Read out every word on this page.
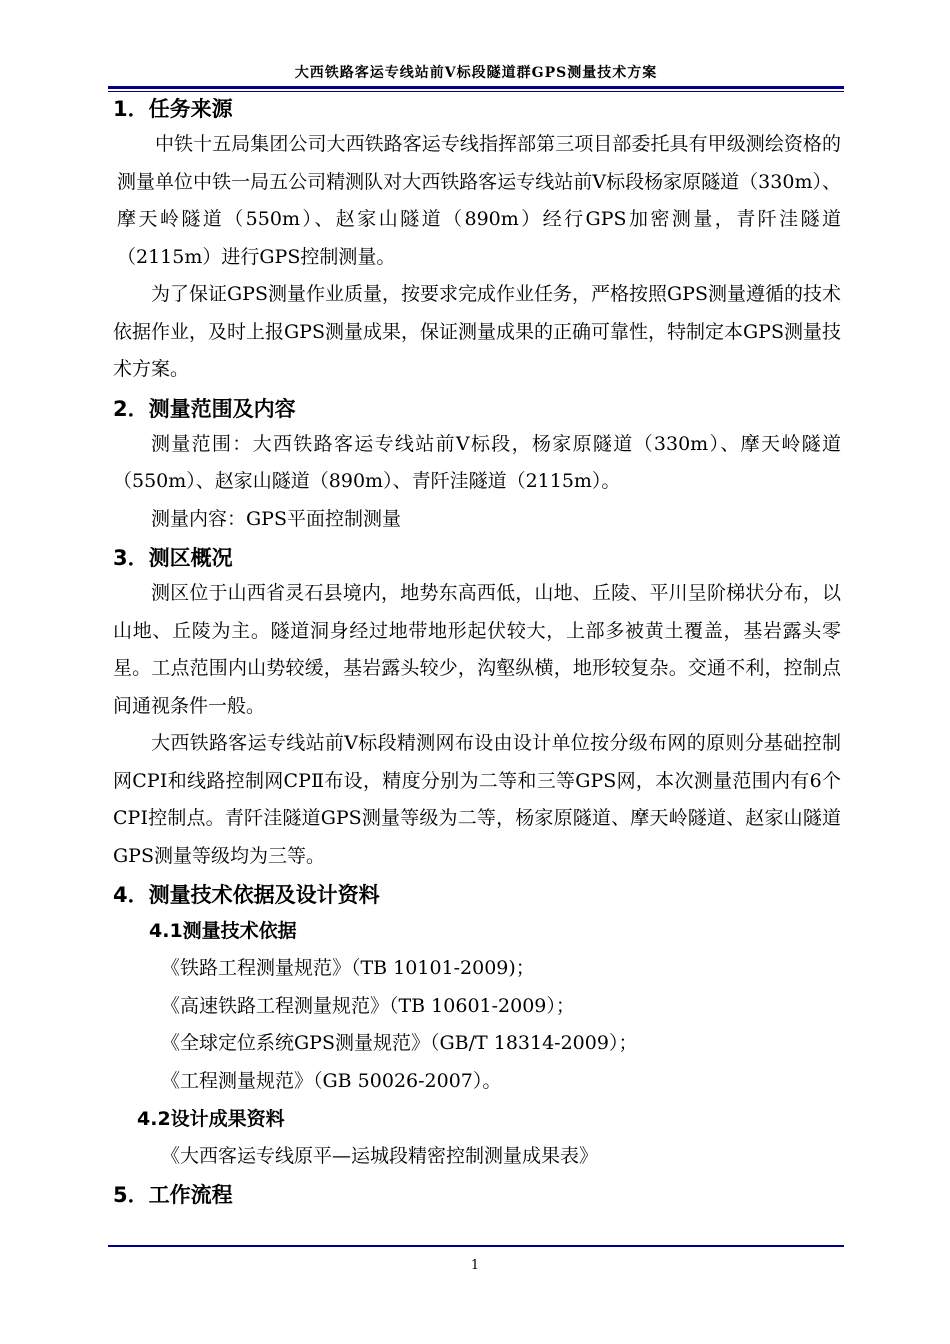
大西铁路客运专线站前Ⅴ标段隧道群GPS测量技术方案
1．任务来源

中铁十五局集团公司大西铁路客运专线指挥部第三项目部委托具有甲级测绘资格的测量单位中铁一局五公司精测队对大西铁路客运专线站前Ⅴ标段杨家原隧道（330m）、摩天岭隧道（550m）、赵家山隧道（890m）经行GPS加密测量，青阡洼隧道（2115m）进行GPS控制测量。

为了保证GPS测量作业质量，按要求完成作业任务，严格按照GPS测量遵循的技术依据作业，及时上报GPS测量成果，保证测量成果的正确可靠性，特制定本GPS测量技术方案。

2．测量范围及内容

测量范围：大西铁路客运专线站前Ⅴ标段，杨家原隧道（330m）、摩天岭隧道（550m）、赵家山隧道（890m）、青阡洼隧道（2115m）。

测量内容：GPS平面控制测量

3．测区概况

测区位于山西省灵石县境内，地势东高西低，山地、丘陵、平川呈阶梯状分布，以山地、丘陵为主。隧道洞身经过地带地形起伏较大，上部多被黄土覆盖，基岩露头零星。工点范围内山势较缓，基岩露头较少，沟壑纵横，地形较复杂。交通不利，控制点间通视条件一般。

大西铁路客运专线站前Ⅴ标段精测网布设由设计单位按分级布网的原则分基础控制网CPⅠ和线路控制网CPⅡ布设，精度分别为二等和三等GPS网，本次测量范围内有6个 CPⅠ控制点。青阡洼隧道GPS测量等级为二等，杨家原隧道、摩天岭隧道、赵家山隧道GPS测量等级均为三等。

4．测量技术依据及设计资料
4.1测量技术依据

《铁路工程测量规范》（TB 10101-2009)；

《高速铁路工程测量规范》（TB 10601-2009）；

《全球定位系统GPS测量规范》（GB/T 18314-2009）；

《工程测量规范》（GB 50026-2007）。

4.2设计成果资料

《大西客运专线原平—运城段精密控制测量成果表》

5．工作流程
1
